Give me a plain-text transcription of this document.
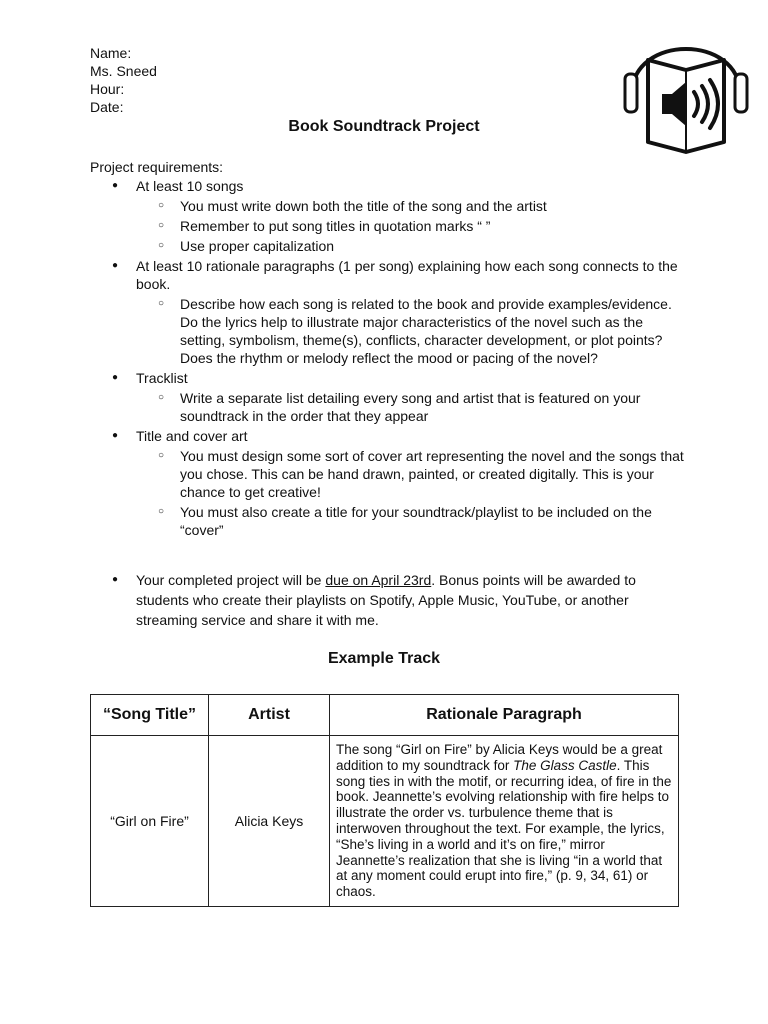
Name:
Ms. Sneed
Hour:
Date:
Book Soundtrack Project
Project requirements:
● At least 10 songs
○ You must write down both the title of the song and the artist
○ Remember to put song titles in quotation marks “ ”
○ Use proper capitalization
● At least 10 rationale paragraphs (1 per song) explaining how each song connects to the book.
○ Describe how each song is related to the book and provide examples/evidence. Do the lyrics help to illustrate major characteristics of the novel such as the setting, symbolism, theme(s), conflicts, character development, or plot points? Does the rhythm or melody reflect the mood or pacing of the novel?
● Tracklist
○ Write a separate list detailing every song and artist that is featured on your soundtrack in the order that they appear
● Title and cover art
○ You must design some sort of cover art representing the novel and the songs that you chose. This can be hand drawn, painted, or created digitally. This is your chance to get creative!
○ You must also create a title for your soundtrack/playlist to be included on the “cover”
●	Your completed project will be due on April 23rd. Bonus points will be awarded to students who create their playlists on Spotify, Apple Music, YouTube, or another streaming service and share it with me.
Example Track
“Song Title”	Artist	Rationale Paragraph
“Girl on Fire”	Alicia Keys	The song “Girl on Fire” by Alicia Keys would be a great addition to my soundtrack for The Glass Castle. This song ties in with the motif, or recurring idea, of fire in the book. Jeannette’s evolving relationship with fire helps to illustrate the order vs. turbulence theme that is interwoven throughout the text. For example, the lyrics, “She’s living in a world and it’s on fire,” mirror Jeannette’s realization that she is living “in a world that at any moment could erupt into fire,” (p. 9, 34, 61) or chaos.
